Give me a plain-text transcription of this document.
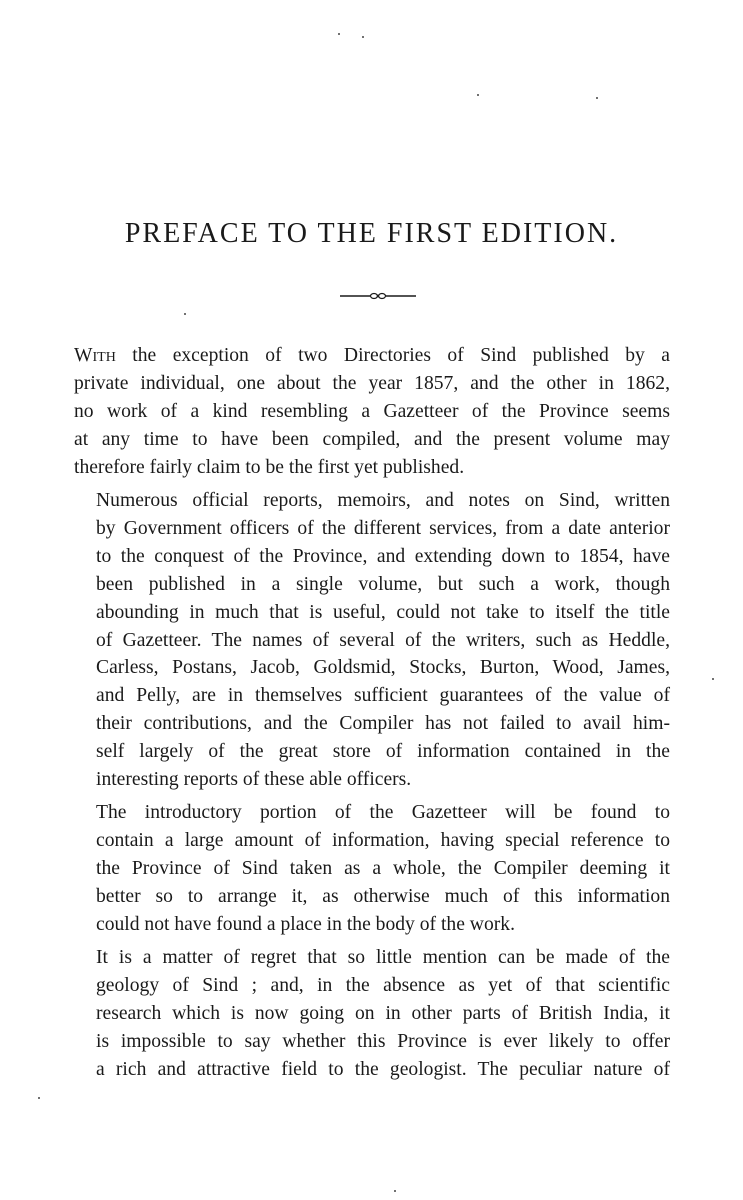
PREFACE TO THE FIRST EDITION.

With the exception of two Directories of Sind published by a
private individual, one about the year 1857, and the other in 1862,
no work of a kind resembling a Gazetteer of the Province seems
at any time to have been compiled, and the present volume may
therefore fairly claim to be the first yet published.

Numerous official reports, memoirs, and notes on Sind, written
by Government officers of the different services, from a date anterior
to the conquest of the Province, and extending down to 1854, have
been published in a single volume, but such a work, though
abounding in much that is useful, could not take to itself the title
of Gazetteer. The names of several of the writers, such as Heddle,
Carless, Postans, Jacob, Goldsmid, Stocks, Burton, Wood, James,
and Pelly, are in themselves sufficient guarantees of the value of
their contributions, and the Compiler has not failed to avail him-
self largely of the great store of information contained in the
interesting reports of these able officers.

The introductory portion of the Gazetteer will be found to
contain a large amount of information, having special reference to
the Province of Sind taken as a whole, the Compiler deeming it
better so to arrange it, as otherwise much of this information
could not have found a place in the body of the work.

It is a matter of regret that so little mention can be made of the
geology of Sind ; and, in the absence as yet of that scientific
research which is now going on in other parts of British India, it
is impossible to say whether this Province is ever likely to offer
a rich and attractive field to the geologist. The peculiar nature of
